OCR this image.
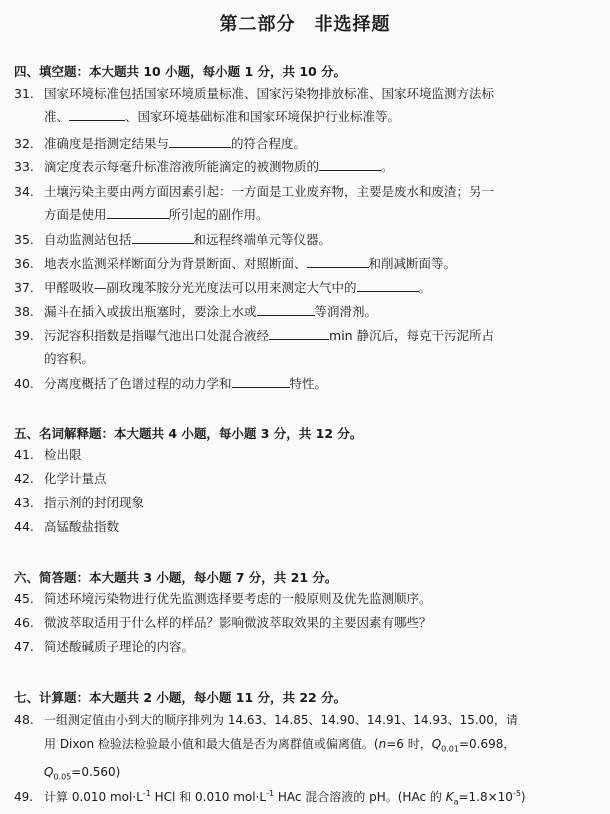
第二部分　非选择题
四、填空题：本大题共 10 小题，每小题 1 分，共 10 分。
31. 国家环境标准包括国家环境质量标准、国家污染物排放标准、国家环境监测方法标
准、	、国家环境基础标准和国家环境保护行业标准等。
32. 准确度是指测定结果与	的符合程度。
33. 滴定度表示每毫升标准溶液所能滴定的被测物质的	。
34. 土壤污染主要由两方面因素引起：一方面是工业废弃物，主要是废水和废渣；另一
方面是使用	所引起的副作用。
35. 自动监测站包括	和远程终端单元等仪器。
36. 地表水监测采样断面分为背景断面、对照断面、	和削减断面等。
37. 甲醛吸收—副玫瑰苯胺分光光度法可以用来测定大气中的	。
38. 漏斗在插入或拔出瓶塞时，要涂上水或	等润滑剂。
39. 污泥容积指数是指曝气池出口处混合液经	min 静沉后，每克干污泥所占
的容积。
40. 分离度概括了色谱过程的动力学和	特性。
五、名词解释题：本大题共 4 小题，每小题 3 分，共 12 分。
41. 检出限
42. 化学计量点
43. 指示剂的封闭现象
44. 高锰酸盐指数
六、简答题：本大题共 3 小题，每小题 7 分，共 21 分。
45. 简述环境污染物进行优先监测选择要考虑的一般原则及优先监测顺序。
46. 微波萃取适用于什么样的样品？影响微波萃取效果的主要因素有哪些？
47. 简述酸碱质子理论的内容。
七、计算题：本大题共 2 小题，每小题 11 分，共 22 分。
48. 一组测定值由小到大的顺序排列为 14.63、14.85、14.90、14.91、14.93、15.00，请
用 Dixon 检验法检验最小值和最大值是否为离群值或偏离值。(n=6 时，$Q_{0.01}=0.698$，
$Q_{0.05}=0.560$)
49. 计算 0.010 $mol\cdot L^{-1}$ HCl 和 0.010 $mol\cdot L^{-1}$ HAc 混合溶液的 pH。(HAc 的 $K_a=1.8\times 10^{-5}$)
